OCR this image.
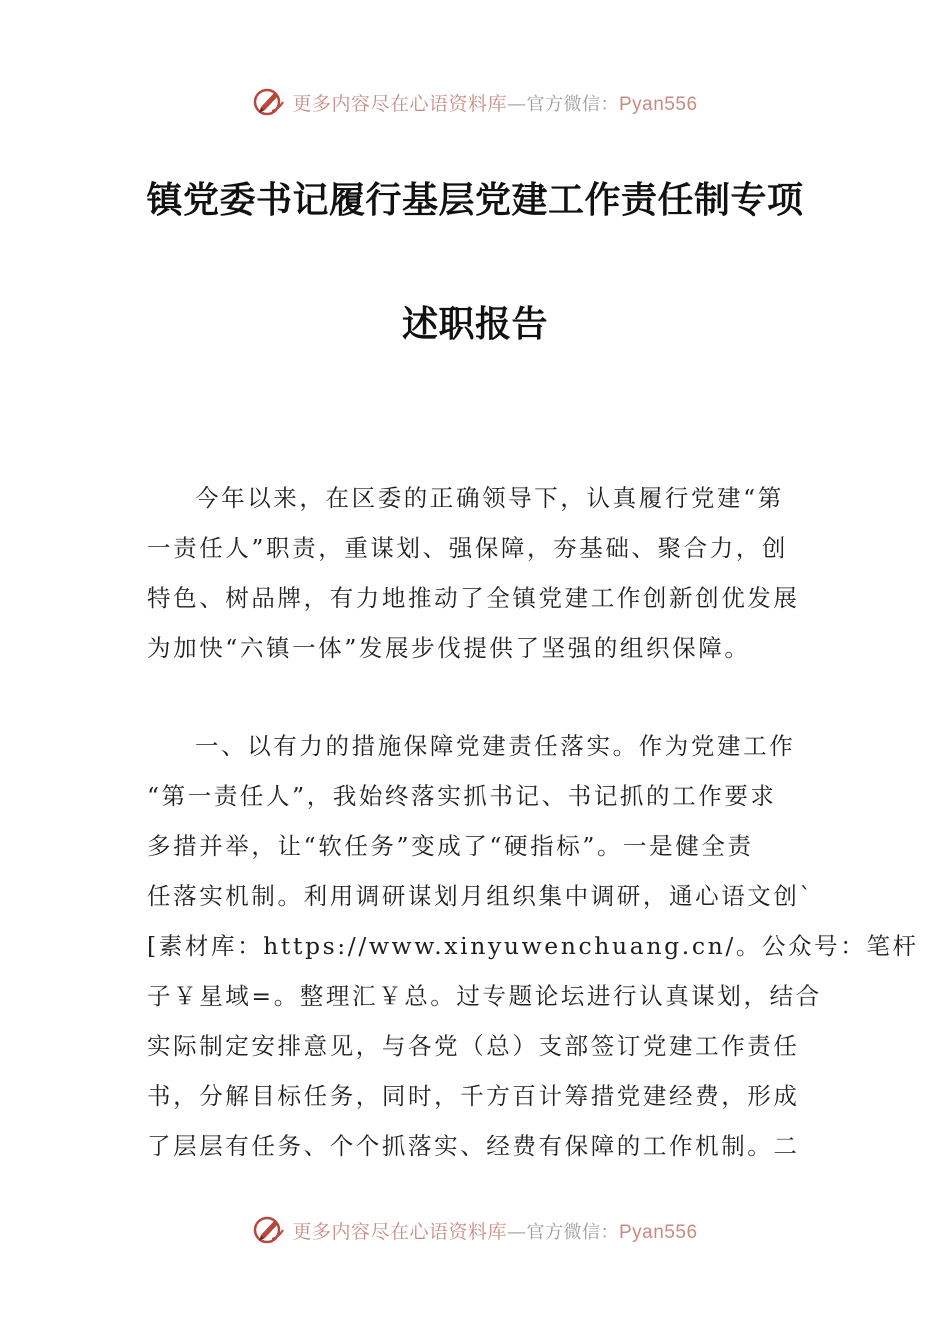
更多内容尽在心语资料库—官方微信：Pyan556
镇党委书记履行基层党建工作责任制专项
述职报告
今年以来，在区委的正确领导下，认真履行党建“第
一责任人”职责，重谋划、强保障，夯基础、聚合力，创
特色、树品牌，有力地推动了全镇党建工作创新创优发展
为加快“六镇一体”发展步伐提供了坚强的组织保障。
一、以有力的措施保障党建责任落实。作为党建工作
“第一责任人”，我始终落实抓书记、书记抓的工作要求
多措并举，让“软任务”变成了“硬指标”。一是健全责
任落实机制。利用调研谋划月组织集中调研，通心语文创`
[素材库：https://www.xinyuwenchuang.cn/。公众号：笔杆
子￥星域=。整理汇￥总。过专题论坛进行认真谋划，结合
实际制定安排意见，与各党（总）支部签订党建工作责任
书，分解目标任务，同时，千方百计筹措党建经费，形成
了层层有任务、个个抓落实、经费有保障的工作机制。二
更多内容尽在心语资料库—官方微信：Pyan556
